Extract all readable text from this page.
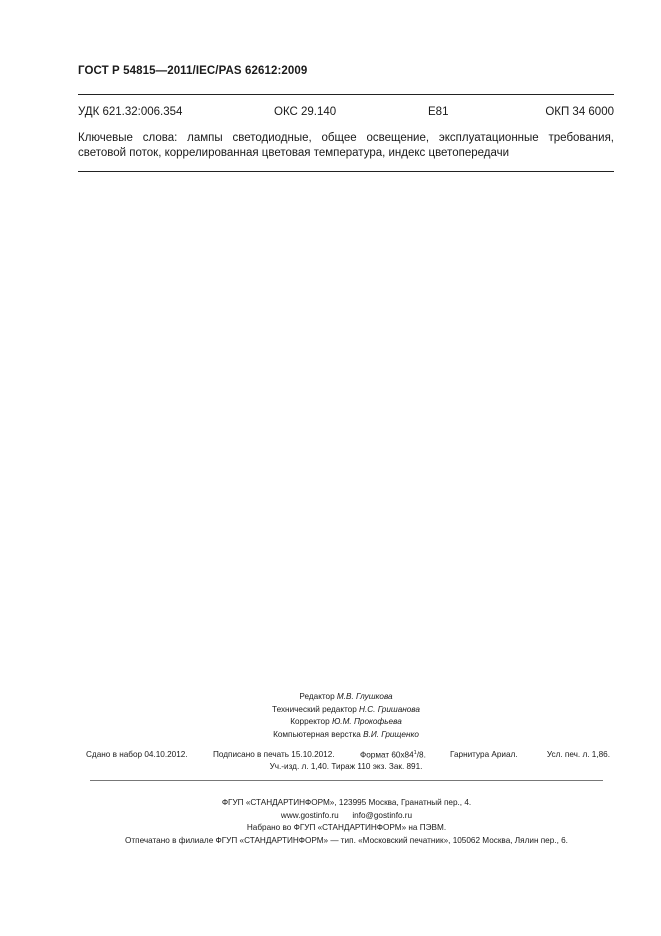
ГОСТ Р 54815—2011/IEC/PAS 62612:2009
УДК 621.32:006.354	ОКС 29.140	Е81	ОКП 34 6000
Ключевые слова: лампы светодиодные, общее освещение, эксплуатационные требования, световой поток, коррелированная цветовая температура, индекс цветопередачи
Редактор М.В. Глушкова
Технический редактор Н.С. Гришанова
Корректор Ю.М. Прокофьева
Компьютерная верстка В.И. Грищенко
Сдано в набор 04.10.2012.	Подписано в печать 15.10.2012.	Формат $60x84^1/8$.	Гарнитура Ариал.	Усл. печ. л. 1,86.
Уч.-изд. л. 1,40. Тираж 110 экз. Зак. 891.
ФГУП «СТАНДАРТИНФОРМ», 123995 Москва, Гранатный пер., 4.
www.gostinfo.ru      info@gostinfo.ru
Набрано во ФГУП «СТАНДАРТИНФОРМ» на ПЭВМ.
Отпечатано в филиале ФГУП «СТАНДАРТИНФОРМ» — тип. «Московский печатник», 105062 Москва, Лялин пер., 6.
